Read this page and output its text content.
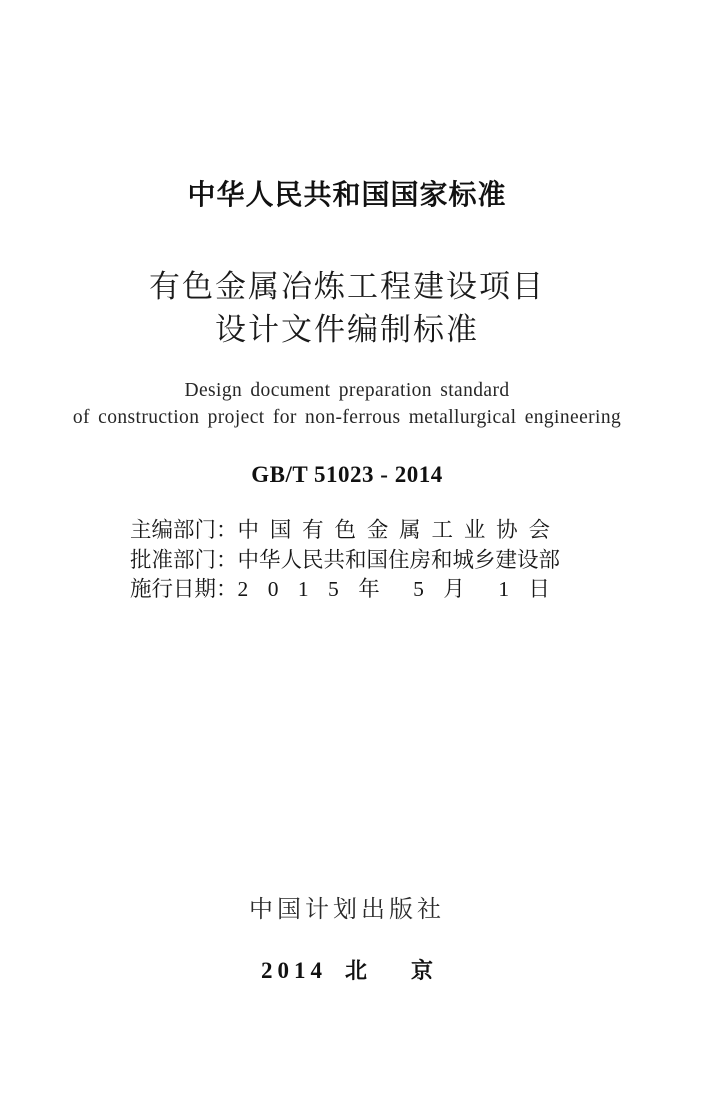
中华人民共和国国家标准
有色金属冶炼工程建设项目
设计文件编制标准
Design document preparation standard
of construction project for non-ferrous metallurgical engineering
GB/T 51023 - 2014
主编部门： 中 国 有 色 金 属 工 业 协 会
批准部门： 中华人民共和国住房和城乡建设部
施行日期： 2 0 1 5 年 5 月 1 日
中国计划出版社
2014 北　　京
